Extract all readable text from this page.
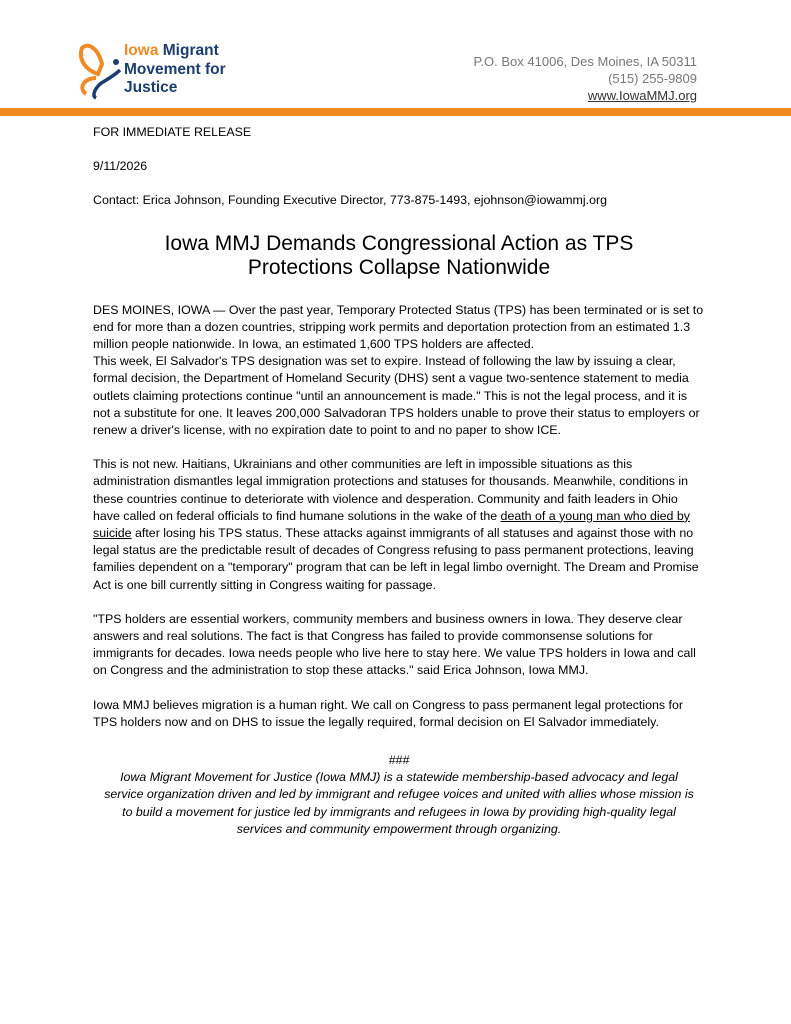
Iowa Migrant
Movement for
Justice
P.O. Box 41006, Des Moines, IA 50311
(515) 255-9809
www.IowaMMJ.org

FOR IMMEDIATE RELEASE

9/11/2026

Contact: Erica Johnson, Founding Executive Director, 773-875-1493, ejohnson@iowammj.org

Iowa MMJ Demands Congressional Action as TPS
Protections Collapse Nationwide

DES MOINES, IOWA — Over the past year, Temporary Protected Status (TPS) has been terminated or is set to end for more than a dozen countries, stripping work permits and deportation protection from an estimated 1.3 million people nationwide. In Iowa, an estimated 1,600 TPS holders are affected.

This week, El Salvador's TPS designation was set to expire. Instead of following the law by issuing a clear, formal decision, the Department of Homeland Security (DHS) sent a vague two-sentence statement to media outlets claiming protections continue "until an announcement is made." This is not the legal process, and it is not a substitute for one. It leaves 200,000 Salvadoran TPS holders unable to prove their status to employers or renew a driver's license, with no expiration date to point to and no paper to show ICE.

This is not new. Haitians, Ukrainians and other communities are left in impossible situations as this administration dismantles legal immigration protections and statuses for thousands. Meanwhile, conditions in these countries continue to deteriorate with violence and desperation. Community and faith leaders in Ohio have called on federal officials to find humane solutions in the wake of the death of a young man who died by suicide after losing his TPS status. These attacks against immigrants of all statuses and against those with no legal status are the predictable result of decades of Congress refusing to pass permanent protections, leaving families dependent on a "temporary" program that can be left in legal limbo overnight. The Dream and Promise Act is one bill currently sitting in Congress waiting for passage.

"TPS holders are essential workers, community members and business owners in Iowa. They deserve clear answers and real solutions. The fact is that Congress has failed to provide commonsense solutions for immigrants for decades. Iowa needs people who live here to stay here. We value TPS holders in Iowa and call on Congress and the administration to stop these attacks." said Erica Johnson, Iowa MMJ.

Iowa MMJ believes migration is a human right. We call on Congress to pass permanent legal protections for TPS holders now and on DHS to issue the legally required, formal decision on El Salvador immediately.

###

Iowa Migrant Movement for Justice (Iowa MMJ) is a statewide membership-based advocacy and legal service organization driven and led by immigrant and refugee voices and united with allies whose mission is to build a movement for justice led by immigrants and refugees in Iowa by providing high-quality legal services and community empowerment through organizing.
